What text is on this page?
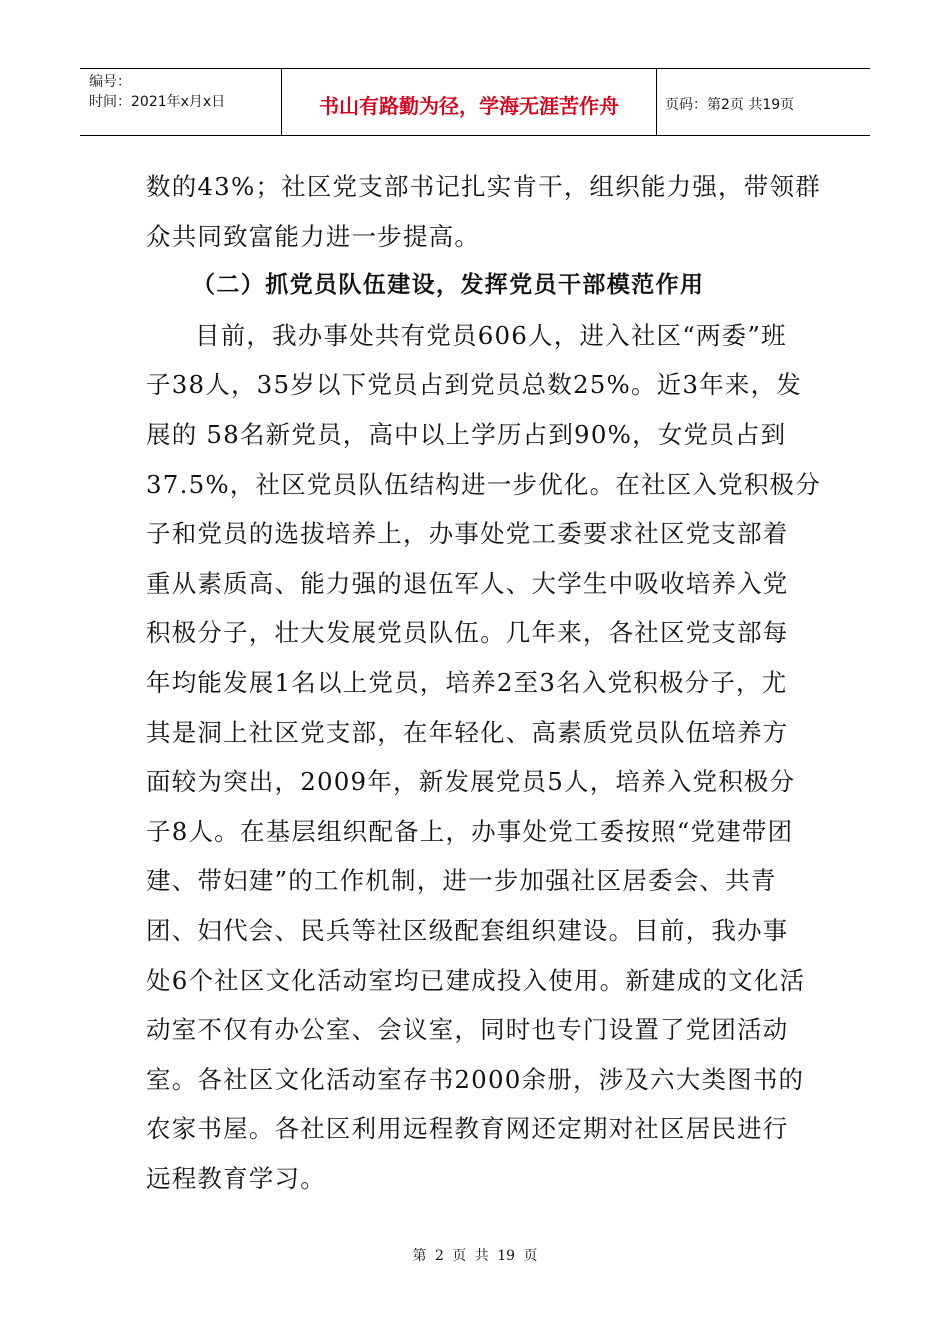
编号：
时间：2021年x月x日	书山有路勤为径，学海无涯苦作舟	页码：第2页 共19页
数的43%；社区党支部书记扎实肯干，组织能力强，带领群
众共同致富能力进一步提高。
（二）抓党员队伍建设，发挥党员干部模范作用
目前，我办事处共有党员606人，进入社区“两委”班
子38人，35岁以下党员占到党员总数25%。近3年来，发
展的 58名新党员，高中以上学历占到90%，女党员占到
37.5%，社区党员队伍结构进一步优化。在社区入党积极分
子和党员的选拔培养上，办事处党工委要求社区党支部着
重从素质高、能力强的退伍军人、大学生中吸收培养入党
积极分子，壮大发展党员队伍。几年来，各社区党支部每
年均能发展1名以上党员，培养2至3名入党积极分子，尤
其是洞上社区党支部，在年轻化、高素质党员队伍培养方
面较为突出，2009年，新发展党员5人，培养入党积极分
子8人。在基层组织配备上，办事处党工委按照“党建带团
建、带妇建”的工作机制，进一步加强社区居委会、共青
团、妇代会、民兵等社区级配套组织建设。目前，我办事
处6个社区文化活动室均已建成投入使用。新建成的文化活
动室不仅有办公室、会议室，同时也专门设置了党团活动
室。各社区文化活动室存书2000余册，涉及六大类图书的
农家书屋。各社区利用远程教育网还定期对社区居民进行
远程教育学习。
第 2 页 共 19 页
